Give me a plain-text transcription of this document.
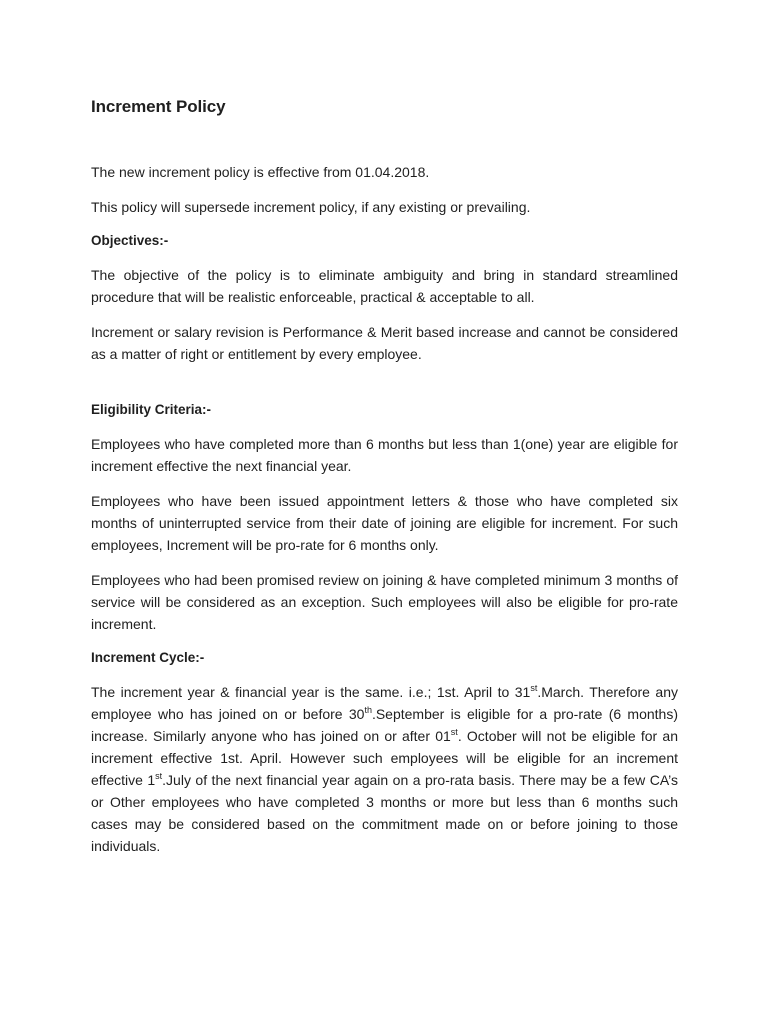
Increment Policy

The new increment policy is effective from 01.04.2018.

This policy will supersede increment policy, if any existing or prevailing.

Objectives:-

The objective of the policy is to eliminate ambiguity and bring in standard streamlined procedure that will be realistic enforceable, practical & acceptable to all.

Increment or salary revision is Performance & Merit based increase and cannot be considered as a matter of right or entitlement by every employee.

Eligibility Criteria:-

Employees who have completed more than 6 months but less than 1(one) year are eligible for increment effective the next financial year.

Employees who have been issued appointment letters & those who have completed six months of uninterrupted service from their date of joining are eligible for increment. For such employees, Increment will be pro-rate for 6 months only.

Employees who had been promised review on joining & have completed minimum 3 months of service will be considered as an exception. Such employees will also be eligible for pro-rate increment.

Increment Cycle:-

The increment year & financial year is the same. i.e.; 1st. April to 31st.March. Therefore any employee who has joined on or before 30th.September is eligible for a pro-rate (6 months) increase. Similarly anyone who has joined on or after 01st. October will not be eligible for an increment effective 1st. April. However such employees will be eligible for an increment effective 1st.July of the next financial year again on a pro-rata basis. There may be a few CA’s or Other employees who have completed 3 months or more but less than 6 months such cases may be considered based on the commitment made on or before joining to those individuals.
